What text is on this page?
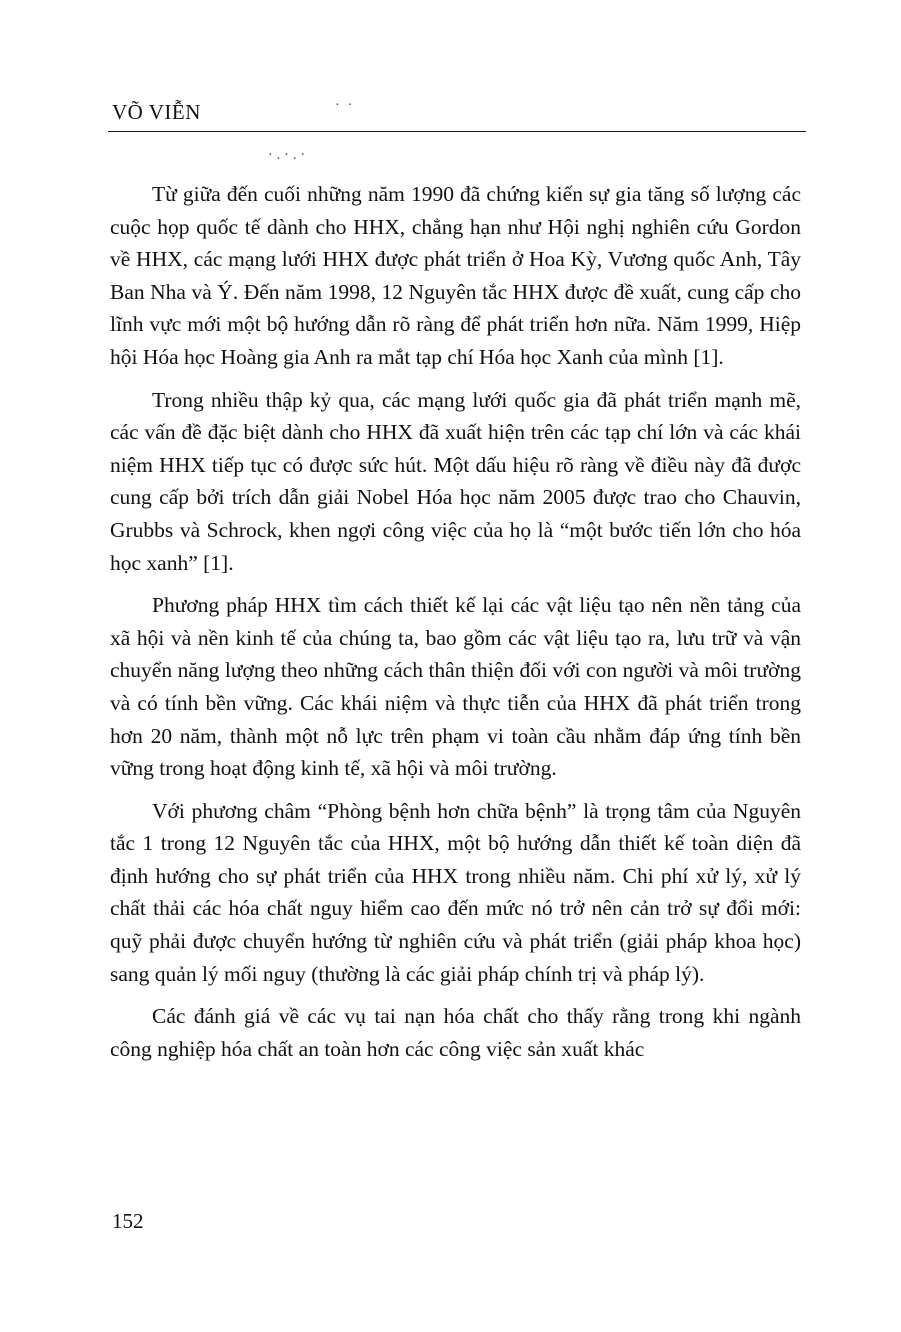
VÕ VIỄN	··
·.·.·

Từ giữa đến cuối những năm 1990 đã chứng kiến sự gia tăng số lượng các cuộc họp quốc tế dành cho HHX, chẳng hạn như Hội nghị nghiên cứu Gordon về HHX, các mạng lưới HHX được phát triển ở Hoa Kỳ, Vương quốc Anh, Tây Ban Nha và Ý. Đến năm 1998, 12 Nguyên tắc HHX được đề xuất, cung cấp cho lĩnh vực mới một bộ hướng dẫn rõ ràng để phát triển hơn nữa. Năm 1999, Hiệp hội Hóa học Hoàng gia Anh ra mắt tạp chí Hóa học Xanh của mình [1].

Trong nhiều thập kỷ qua, các mạng lưới quốc gia đã phát triển mạnh mẽ, các vấn đề đặc biệt dành cho HHX đã xuất hiện trên các tạp chí lớn và các khái niệm HHX tiếp tục có được sức hút. Một dấu hiệu rõ ràng về điều này đã được cung cấp bởi trích dẫn giải Nobel Hóa học năm 2005 được trao cho Chauvin, Grubbs và Schrock, khen ngợi công việc của họ là “một bước tiến lớn cho hóa học xanh” [1].

Phương pháp HHX tìm cách thiết kế lại các vật liệu tạo nên nền tảng của xã hội và nền kinh tế của chúng ta, bao gồm các vật liệu tạo ra, lưu trữ và vận chuyển năng lượng theo những cách thân thiện đối với con người và môi trường và có tính bền vững. Các khái niệm và thực tiễn của HHX đã phát triển trong hơn 20 năm, thành một nỗ lực trên phạm vi toàn cầu nhằm đáp ứng tính bền vững trong hoạt động kinh tế, xã hội và môi trường.

Với phương châm “Phòng bệnh hơn chữa bệnh” là trọng tâm của Nguyên tắc 1 trong 12 Nguyên tắc của HHX, một bộ hướng dẫn thiết kế toàn diện đã định hướng cho sự phát triển của HHX trong nhiều năm. Chi phí xử lý, xử lý chất thải các hóa chất nguy hiểm cao đến mức nó trở nên cản trở sự đổi mới: quỹ phải được chuyển hướng từ nghiên cứu và phát triển (giải pháp khoa học) sang quản lý mối nguy (thường là các giải pháp chính trị và pháp lý).

Các đánh giá về các vụ tai nạn hóa chất cho thấy rằng trong khi ngành công nghiệp hóa chất an toàn hơn các công việc sản xuất khác

152
